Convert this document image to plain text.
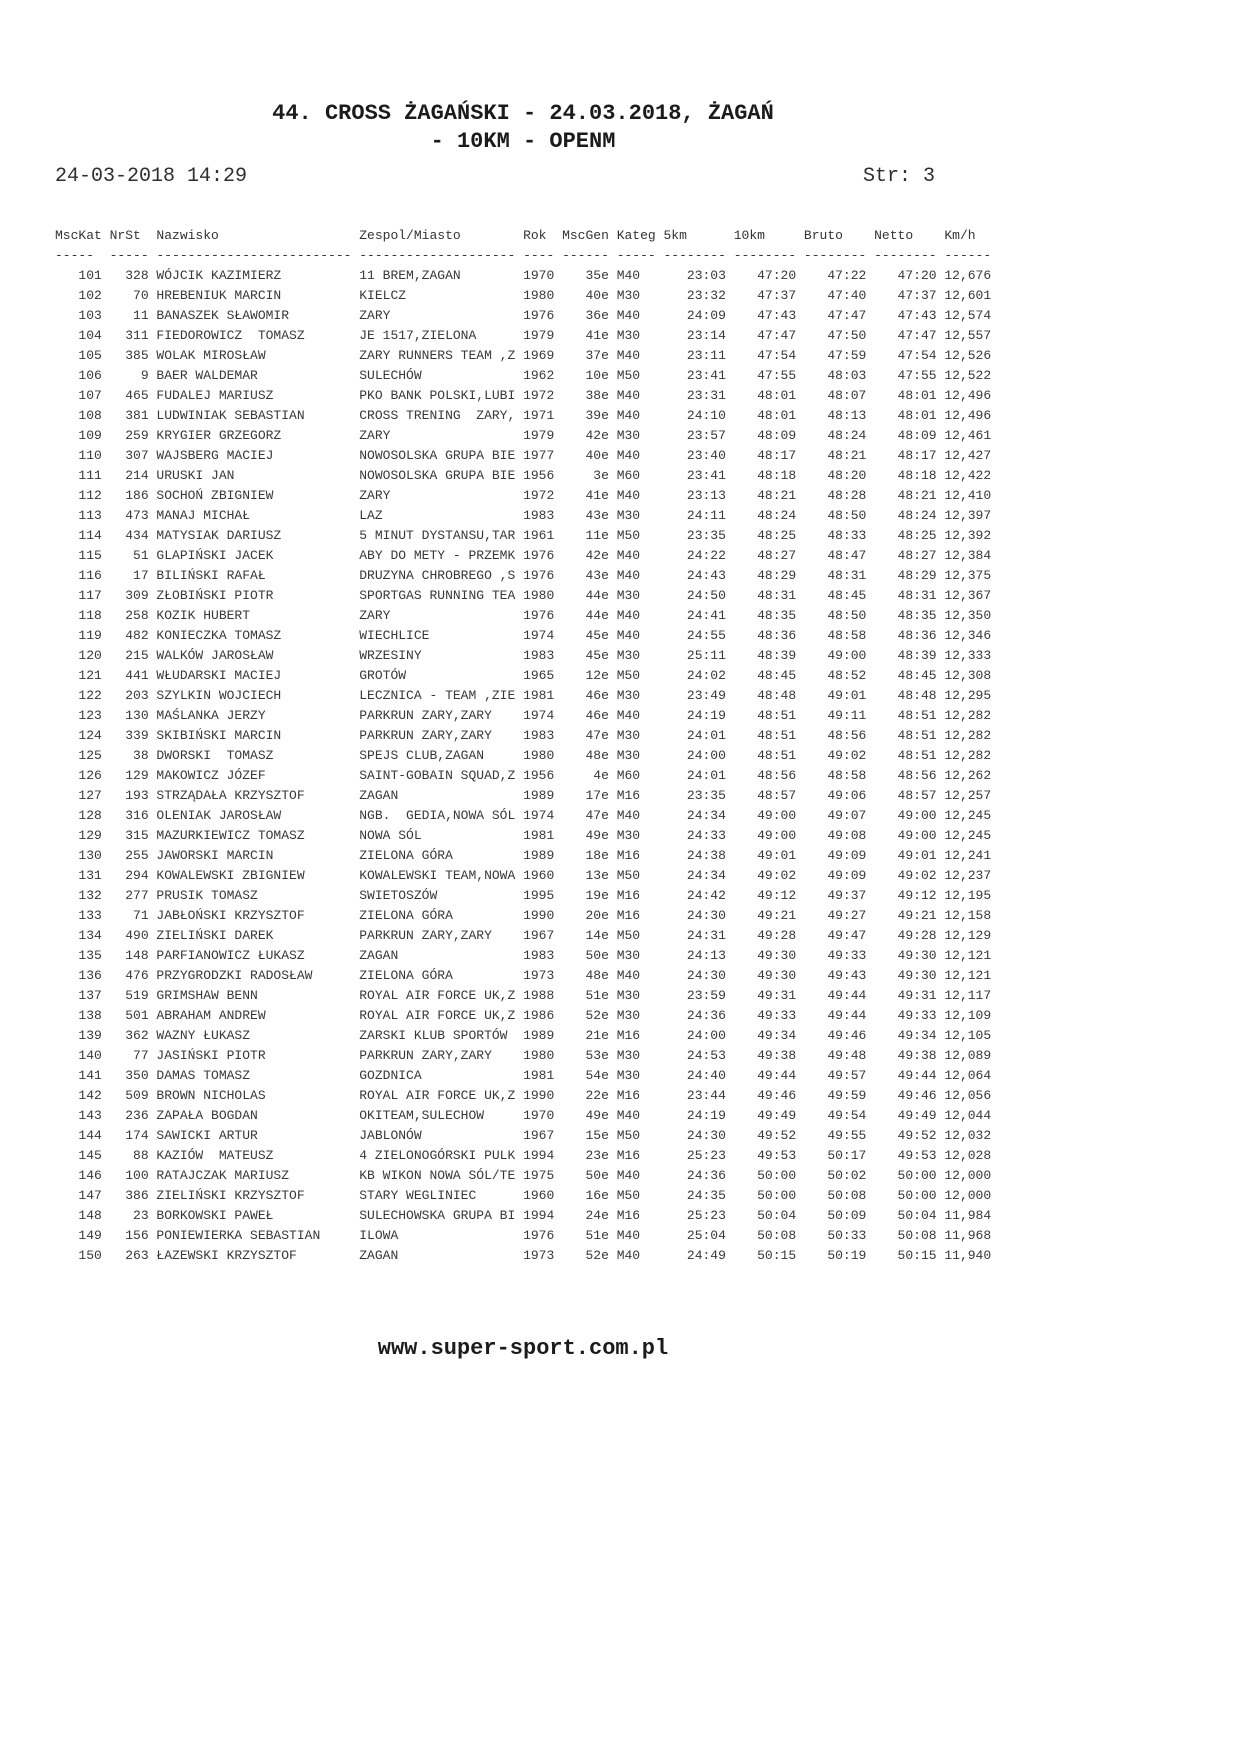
44. CROSS ŻAGAŃSKI - 24.03.2018, ŻAGAŃ
- 10KM - OPENM
24-03-2018 14:29	Str: 3
MscKat NrSt  Nazwisko                  Zespol/Miasto        Rok  MscGen Kateg 5km      10km     Bruto    Netto    Km/h
-----  ----- ------------------------- -------------------- ---- ------ ----- -------- -------- -------- -------- ------
101   328 WÓJCIK KAZIMIERZ          11 BREM,ZAGAN        1970    35e M40      23:03    47:20    47:22    47:20 12,676
102    70 HREBENIUK MARCIN          KIELCZ               1980    40e M30      23:32    47:37    47:40    47:37 12,601
103    11 BANASZEK SŁAWOMIR         ZARY                 1976    36e M40      24:09    47:43    47:47    47:43 12,574
104   311 FIEDOROWICZ  TOMASZ       JE 1517,ZIELONA      1979    41e M30      23:14    47:47    47:50    47:47 12,557
105   385 WOLAK MIROSŁAW            ZARY RUNNERS TEAM ,Z 1969    37e M40      23:11    47:54    47:59    47:54 12,526
106     9 BAER WALDEMAR             SULECHÓW             1962    10e M50      23:41    47:55    48:03    47:55 12,522
107   465 FUDALEJ MARIUSZ           PKO BANK POLSKI,LUBI 1972    38e M40      23:31    48:01    48:07    48:01 12,496
108   381 LUDWINIAK SEBASTIAN       CROSS TRENING  ZARY, 1971    39e M40      24:10    48:01    48:13    48:01 12,496
109   259 KRYGIER GRZEGORZ          ZARY                 1979    42e M30      23:57    48:09    48:24    48:09 12,461
110   307 WAJSBERG MACIEJ           NOWOSOLSKA GRUPA BIE 1977    40e M40      23:40    48:17    48:21    48:17 12,427
111   214 URUSKI JAN                NOWOSOLSKA GRUPA BIE 1956     3e M60      23:41    48:18    48:20    48:18 12,422
112   186 SOCHOŃ ZBIGNIEW           ZARY                 1972    41e M40      23:13    48:21    48:28    48:21 12,410
113   473 MANAJ MICHAŁ              LAZ                  1983    43e M30      24:11    48:24    48:50    48:24 12,397
114   434 MATYSIAK DARIUSZ          5 MINUT DYSTANSU,TAR 1961    11e M50      23:35    48:25    48:33    48:25 12,392
115    51 GLAPIŃSKI JACEK           ABY DO METY - PRZEMK 1976    42e M40      24:22    48:27    48:47    48:27 12,384
116    17 BILIŃSKI RAFAŁ            DRUZYNA CHROBREGO ,S 1976    43e M40      24:43    48:29    48:31    48:29 12,375
117   309 ZŁOBIŃSKI PIOTR           SPORTGAS RUNNING TEA 1980    44e M30      24:50    48:31    48:45    48:31 12,367
118   258 KOZIK HUBERT              ZARY                 1976    44e M40      24:41    48:35    48:50    48:35 12,350
119   482 KONIECZKA TOMASZ          WIECHLICE            1974    45e M40      24:55    48:36    48:58    48:36 12,346
120   215 WALKÓW JAROSŁAW           WRZESINY             1983    45e M30      25:11    48:39    49:00    48:39 12,333
121   441 WŁUDARSKI MACIEJ          GROTÓW               1965    12e M50      24:02    48:45    48:52    48:45 12,308
122   203 SZYLKIN WOJCIECH          LECZNICA - TEAM ,ZIE 1981    46e M30      23:49    48:48    49:01    48:48 12,295
123   130 MAŚLANKA JERZY            PARKRUN ZARY,ZARY    1974    46e M40      24:19    48:51    49:11    48:51 12,282
124   339 SKIBIŃSKI MARCIN          PARKRUN ZARY,ZARY    1983    47e M30      24:01    48:51    48:56    48:51 12,282
125    38 DWORSKI  TOMASZ           SPEJS CLUB,ZAGAN     1980    48e M30      24:00    48:51    49:02    48:51 12,282
126   129 MAKOWICZ JÓZEF            SAINT-GOBAIN SQUAD,Z 1956     4e M60      24:01    48:56    48:58    48:56 12,262
127   193 STRZĄDAŁA KRZYSZTOF       ZAGAN                1989    17e M16      23:35    48:57    49:06    48:57 12,257
128   316 OLENIAK JAROSŁAW          NGB.  GEDIA,NOWA SÓL 1974    47e M40      24:34    49:00    49:07    49:00 12,245
129   315 MAZURKIEWICZ TOMASZ       NOWA SÓL             1981    49e M30      24:33    49:00    49:08    49:00 12,245
130   255 JAWORSKI MARCIN           ZIELONA GÓRA         1989    18e M16      24:38    49:01    49:09    49:01 12,241
131   294 KOWALEWSKI ZBIGNIEW       KOWALEWSKI TEAM,NOWA 1960    13e M50      24:34    49:02    49:09    49:02 12,237
132   277 PRUSIK TOMASZ             SWIETOSZÓW           1995    19e M16      24:42    49:12    49:37    49:12 12,195
133    71 JABŁOŃSKI KRZYSZTOF       ZIELONA GÓRA         1990    20e M16      24:30    49:21    49:27    49:21 12,158
134   490 ZIELIŃSKI DAREK           PARKRUN ZARY,ZARY    1967    14e M50      24:31    49:28    49:47    49:28 12,129
135   148 PARFIANOWICZ ŁUKASZ       ZAGAN                1983    50e M30      24:13    49:30    49:33    49:30 12,121
136   476 PRZYGRODZKI RADOSŁAW      ZIELONA GÓRA         1973    48e M40      24:30    49:30    49:43    49:30 12,121
137   519 GRIMSHAW BENN             ROYAL AIR FORCE UK,Z 1988    51e M30      23:59    49:31    49:44    49:31 12,117
138   501 ABRAHAM ANDREW            ROYAL AIR FORCE UK,Z 1986    52e M30      24:36    49:33    49:44    49:33 12,109
139   362 WAZNY ŁUKASZ              ZARSKI KLUB SPORTÓW  1989    21e M16      24:00    49:34    49:46    49:34 12,105
140    77 JASIŃSKI PIOTR            PARKRUN ZARY,ZARY    1980    53e M30      24:53    49:38    49:48    49:38 12,089
141   350 DAMAS TOMASZ              GOZDNICA             1981    54e M30      24:40    49:44    49:57    49:44 12,064
142   509 BROWN NICHOLAS            ROYAL AIR FORCE UK,Z 1990    22e M16      23:44    49:46    49:59    49:46 12,056
143   236 ZAPAŁA BOGDAN             OKITEAM,SULECHOW     1970    49e M40      24:19    49:49    49:54    49:49 12,044
144   174 SAWICKI ARTUR             JABLONÓW             1967    15e M50      24:30    49:52    49:55    49:52 12,032
145    88 KAZIÓW  MATEUSZ           4 ZIELONOGÓRSKI PULK 1994    23e M16      25:23    49:53    50:17    49:53 12,028
146   100 RATAJCZAK MARIUSZ         KB WIKON NOWA SÓL/TE 1975    50e M40      24:36    50:00    50:02    50:00 12,000
147   386 ZIELIŃSKI KRZYSZTOF       STARY WEGLINIEC      1960    16e M50      24:35    50:00    50:08    50:00 12,000
148    23 BORKOWSKI PAWEŁ           SULECHOWSKA GRUPA BI 1994    24e M16      25:23    50:04    50:09    50:04 11,984
149   156 PONIEWIERKA SEBASTIAN     ILOWA                1976    51e M40      25:04    50:08    50:33    50:08 11,968
150   263 ŁAZEWSKI KRZYSZTOF        ZAGAN                1973    52e M40      24:49    50:15    50:19    50:15 11,940
www.super-sport.com.pl
